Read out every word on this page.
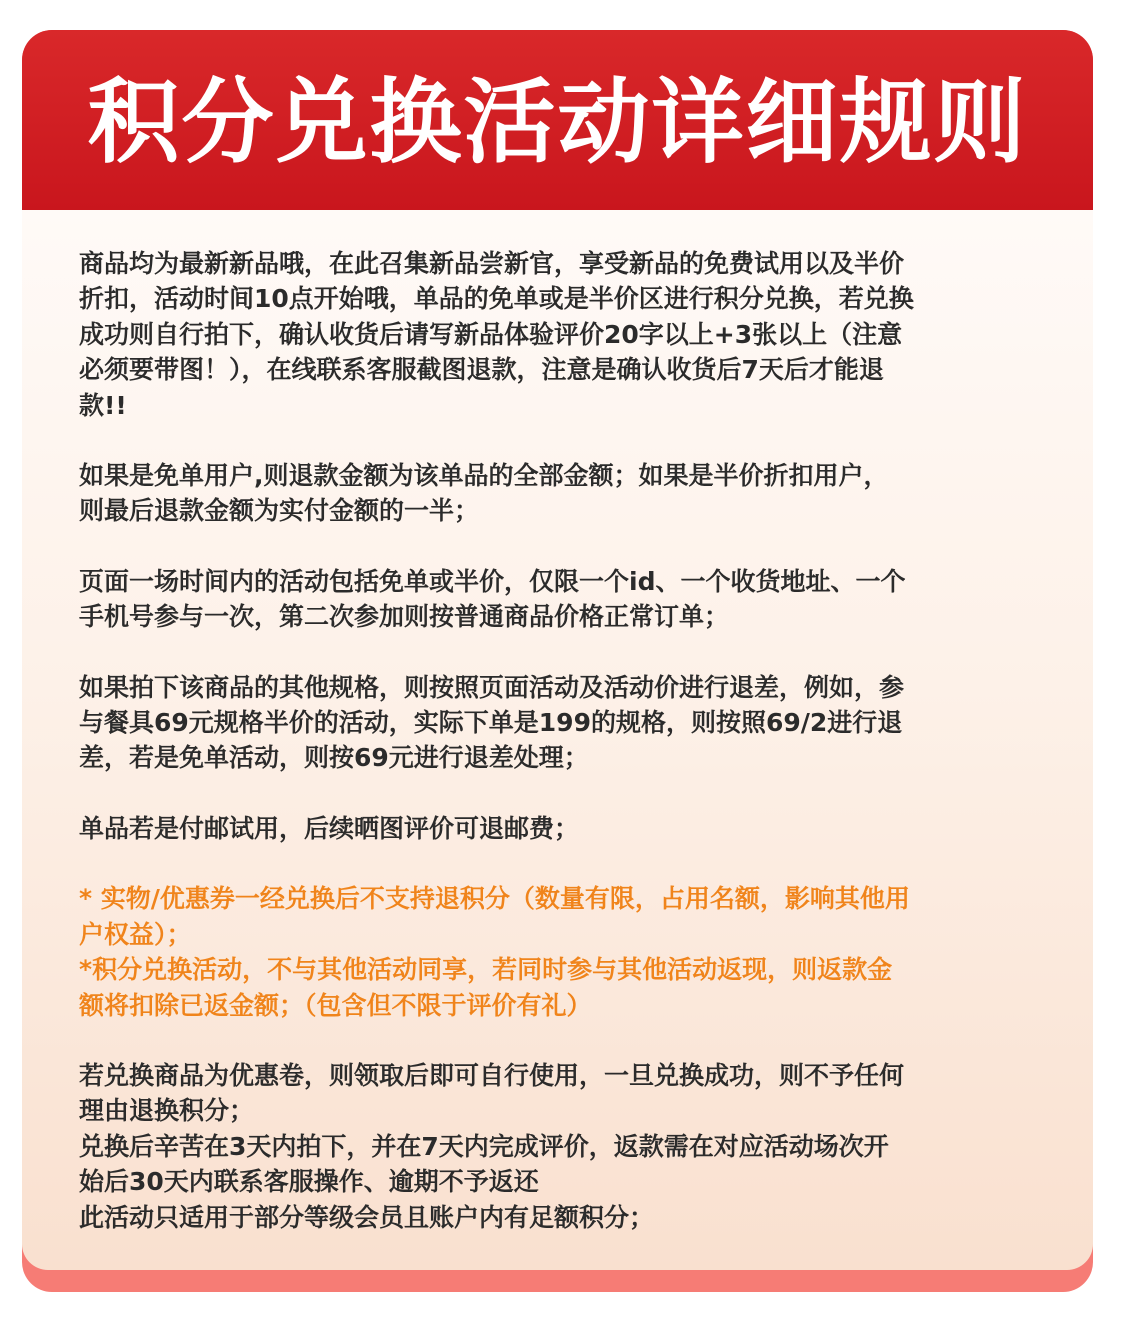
积分兑换活动详细规则

商品均为最新新品哦，在此召集新品尝新官，享受新品的免费试用以及半价
折扣，活动时间10点开始哦，单品的免单或是半价区进行积分兑换，若兑换
成功则自行拍下，确认收货后请写新品体验评价20字以上+3张以上（注意
必须要带图！），在线联系客服截图退款，注意是确认收货后7天后才能退
款!!

如果是免单用户,则退款金额为该单品的全部金额；如果是半价折扣用户，
则最后退款金额为实付金额的一半；

页面一场时间内的活动包括免单或半价，仅限一个id、一个收货地址、一个
手机号参与一次，第二次参加则按普通商品价格正常订单；

如果拍下该商品的其他规格，则按照页面活动及活动价进行退差，例如，参
与餐具69元规格半价的活动，实际下单是199的规格，则按照69/2进行退
差，若是免单活动，则按69元进行退差处理；

单品若是付邮试用，后续晒图评价可退邮费；

* 实物/优惠券一经兑换后不支持退积分（数量有限，占用名额，影响其他用
户权益）；
*积分兑换活动，不与其他活动同享，若同时参与其他活动返现，则返款金
额将扣除已返金额；（包含但不限于评价有礼）

若兑换商品为优惠卷，则领取后即可自行使用，一旦兑换成功，则不予任何
理由退换积分；
兑换后辛苦在3天内拍下，并在7天内完成评价，返款需在对应活动场次开
始后30天内联系客服操作、逾期不予返还
此活动只适用于部分等级会员且账户内有足额积分；
